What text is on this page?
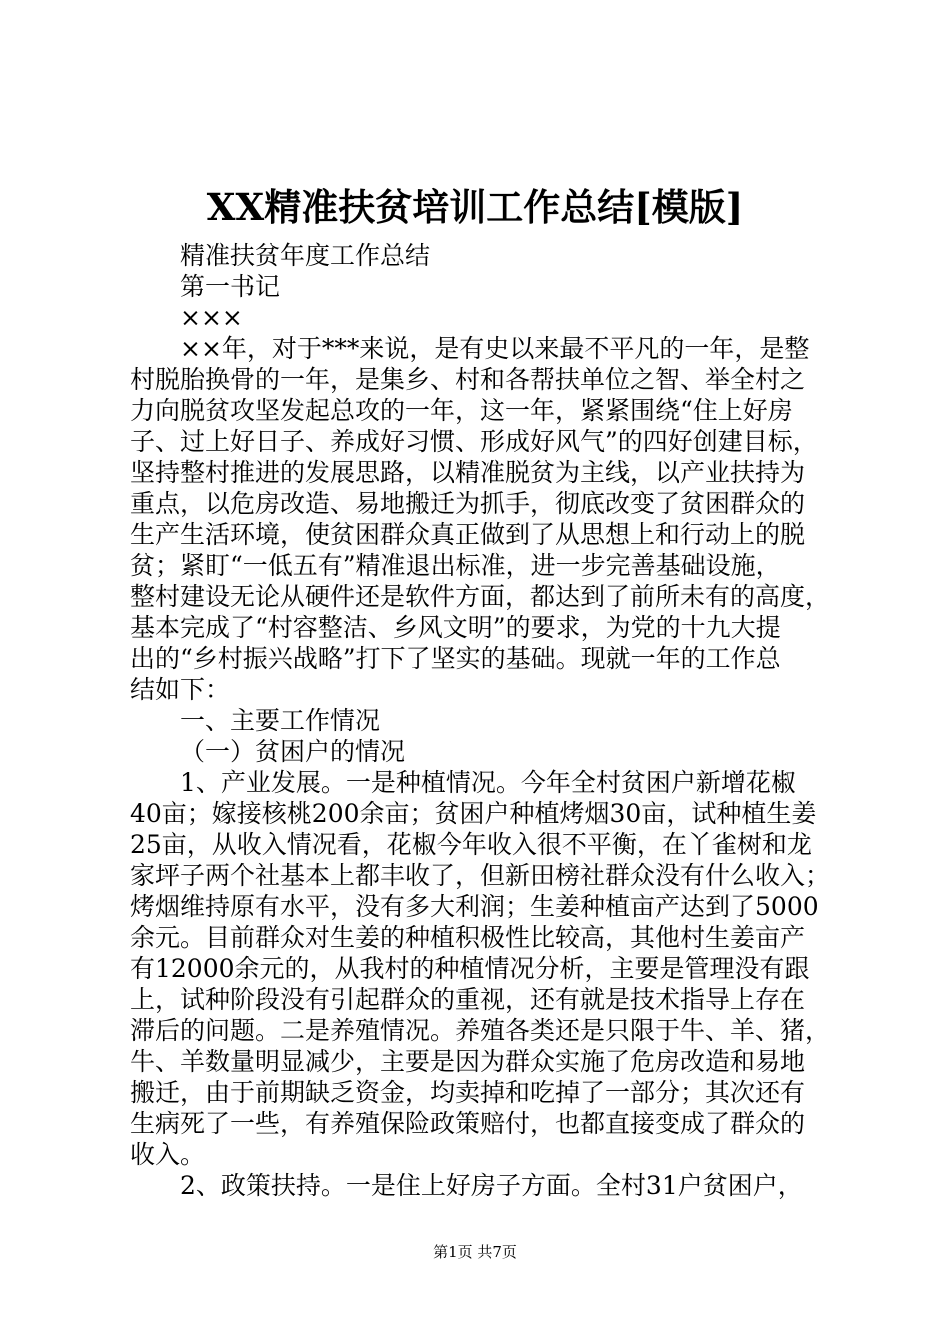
XX精准扶贫培训工作总结[模版]
精准扶贫年度工作总结
第一书记
×××
××年，对于***来说，是有史以来最不平凡的一年，是整
村脱胎换骨的一年，是集乡、村和各帮扶单位之智、举全村之
力向脱贫攻坚发起总攻的一年，这一年，紧紧围绕“住上好房
子、过上好日子、养成好习惯、形成好风气”的四好创建目标，
坚持整村推进的发展思路，以精准脱贫为主线，以产业扶持为
重点，以危房改造、易地搬迁为抓手，彻底改变了贫困群众的
生产生活环境，使贫困群众真正做到了从思想上和行动上的脱
贫；紧盯“一低五有”精准退出标准，进一步完善基础设施，
整村建设无论从硬件还是软件方面，都达到了前所未有的高度，
基本完成了“村容整洁、乡风文明”的要求，为党的十九大提
出的“乡村振兴战略”打下了坚实的基础。现就一年的工作总
结如下：
一、主要工作情况
（一）贫困户的情况
1、产业发展。一是种植情况。今年全村贫困户新增花椒
40亩；嫁接核桃200余亩；贫困户种植烤烟30亩，试种植生姜
25亩，从收入情况看，花椒今年收入很不平衡，在丫雀树和龙
家坪子两个社基本上都丰收了，但新田榜社群众没有什么收入；
烤烟维持原有水平，没有多大利润；生姜种植亩产达到了5000
余元。目前群众对生姜的种植积极性比较高，其他村生姜亩产
有12000余元的，从我村的种植情况分析，主要是管理没有跟
上，试种阶段没有引起群众的重视，还有就是技术指导上存在
滞后的问题。二是养殖情况。养殖各类还是只限于牛、羊、猪，
牛、羊数量明显减少，主要是因为群众实施了危房改造和易地
搬迁，由于前期缺乏资金，均卖掉和吃掉了一部分；其次还有
生病死了一些，有养殖保险政策赔付，也都直接变成了群众的
收入。
2、政策扶持。一是住上好房子方面。全村31户贫困户，
第1页 共7页
